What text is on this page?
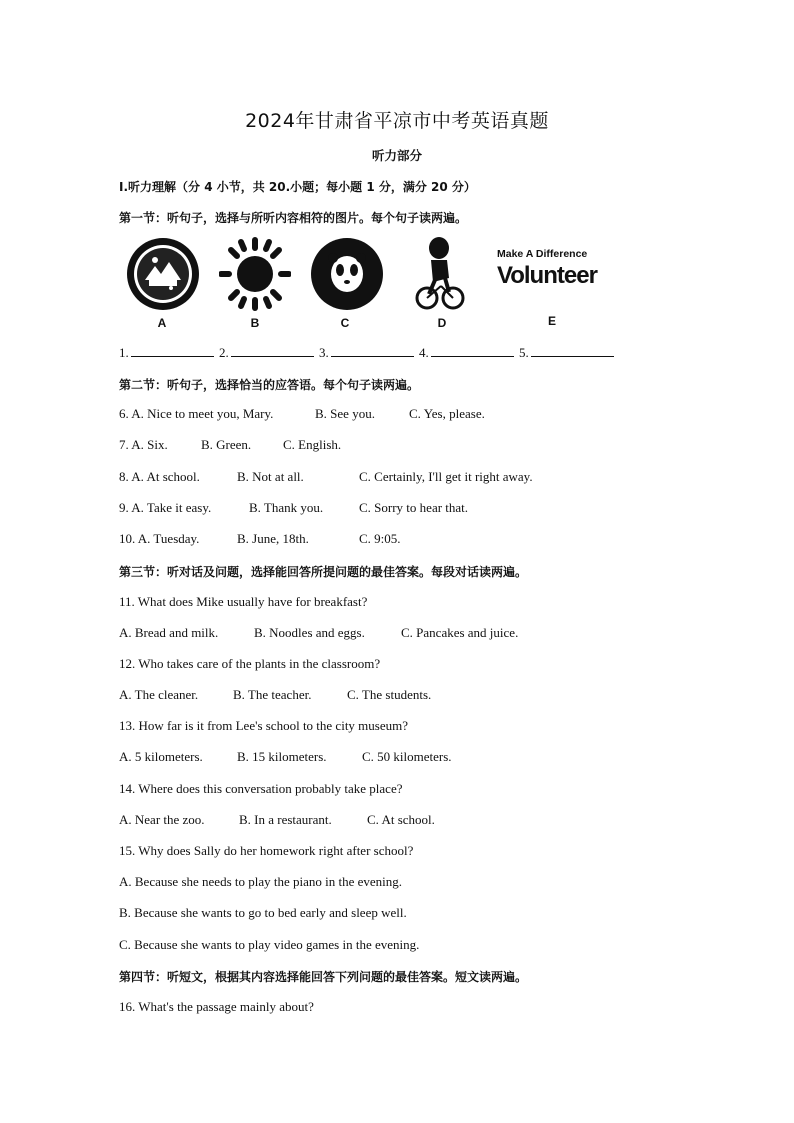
2024年甘肃省平凉市中考英语真题
听力部分
Ⅰ.听力理解（分 4 小节，共 20.小题；每小题 1 分，满分 20 分）
第一节：听句子，选择与所听内容相符的图片。每个句子读两遍。
A	B	C	D
Make A Difference
Volunteer
E
1.	2.	3.	4.	5.
第二节：听句子，选择恰当的应答语。每个句子读两遍。
6. A. Nice to meet you, Mary.	B. See you.	C. Yes, please.
7. A. Six.	B. Green. C. English.
8. A. At school.	B. Not at all.	C. Certainly, I'll get it right away.
9. A. Take it easy.	B. Thank you.	C. Sorry to hear that.
10. A. Tuesday.	B. June, 18th.	C. 9:05.
第三节：听对话及问题，选择能回答所提问题的最佳答案。每段对话读两遍。
11. What does Mike usually have for breakfast?
A. Bread and milk.	B. Noodles and eggs.	C. Pancakes and juice.
12. Who takes care of the plants in the classroom?
A. The cleaner.	B. The teacher.	C. The students.
13. How far is it from Lee's school to the city museum?
A. 5 kilometers.	B. 15 kilometers.	C. 50 kilometers.
14. Where does this conversation probably take place?
A. Near the zoo.	B. In a restaurant.	C. At school.
15. Why does Sally do her homework right after school?
A. Because she needs to play the piano in the evening.
B. Because she wants to go to bed early and sleep well.
C. Because she wants to play video games in the evening.
第四节：听短文，根据其内容选择能回答下列问题的最佳答案。短文读两遍。
16. What's the passage mainly about?
